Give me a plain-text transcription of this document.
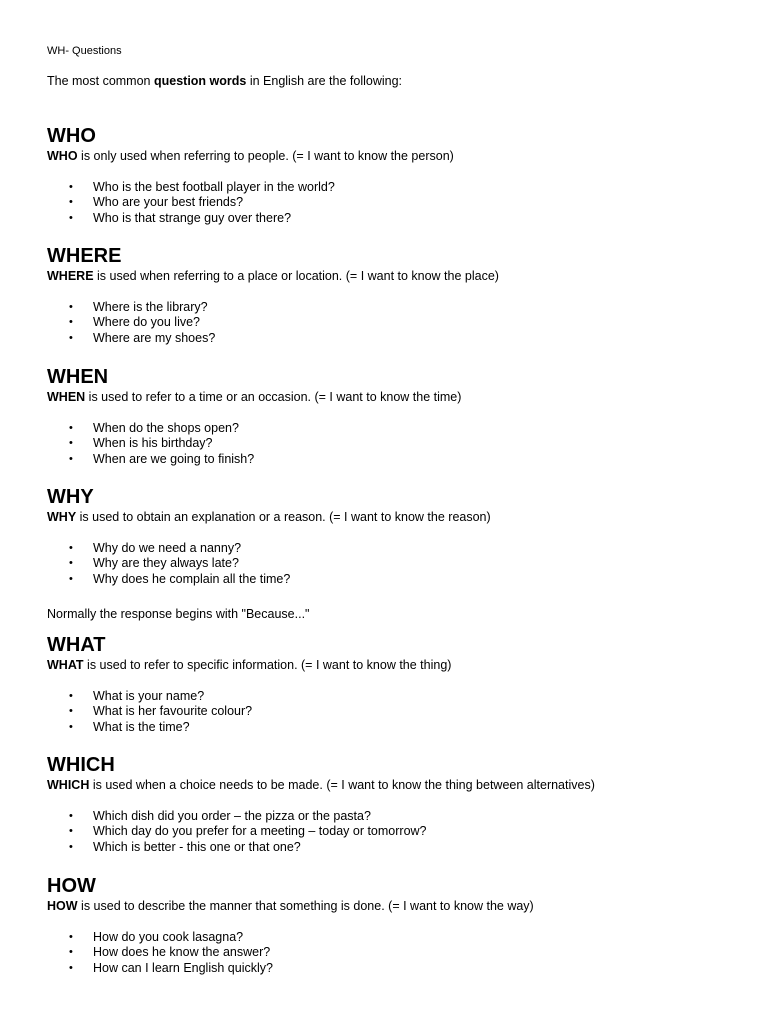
WH- Questions
The most common question words in English are the following:
WHO
WHO is only used when referring to people. (= I want to know the person)
• Who is the best football player in the world?
• Who are your best friends?
• Who is that strange guy over there?
WHERE
WHERE is used when referring to a place or location. (= I want to know the place)
• Where is the library?
• Where do you live?
• Where are my shoes?
WHEN
WHEN is used to refer to a time or an occasion. (= I want to know the time)
• When do the shops open?
• When is his birthday?
• When are we going to finish?
WHY
WHY is used to obtain an explanation or a reason. (= I want to know the reason)
• Why do we need a nanny?
• Why are they always late?
• Why does he complain all the time?
Normally the response begins with "Because..."
WHAT
WHAT is used to refer to specific information. (= I want to know the thing)
• What is your name?
• What is her favourite colour?
• What is the time?
WHICH
WHICH is used when a choice needs to be made. (= I want to know the thing between alternatives)
• Which dish did you order – the pizza or the pasta?
• Which day do you prefer for a meeting – today or tomorrow?
• Which is better - this one or that one?
HOW
HOW is used to describe the manner that something is done. (= I want to know the way)
• How do you cook lasagna?
• How does he know the answer?
• How can I learn English quickly?
